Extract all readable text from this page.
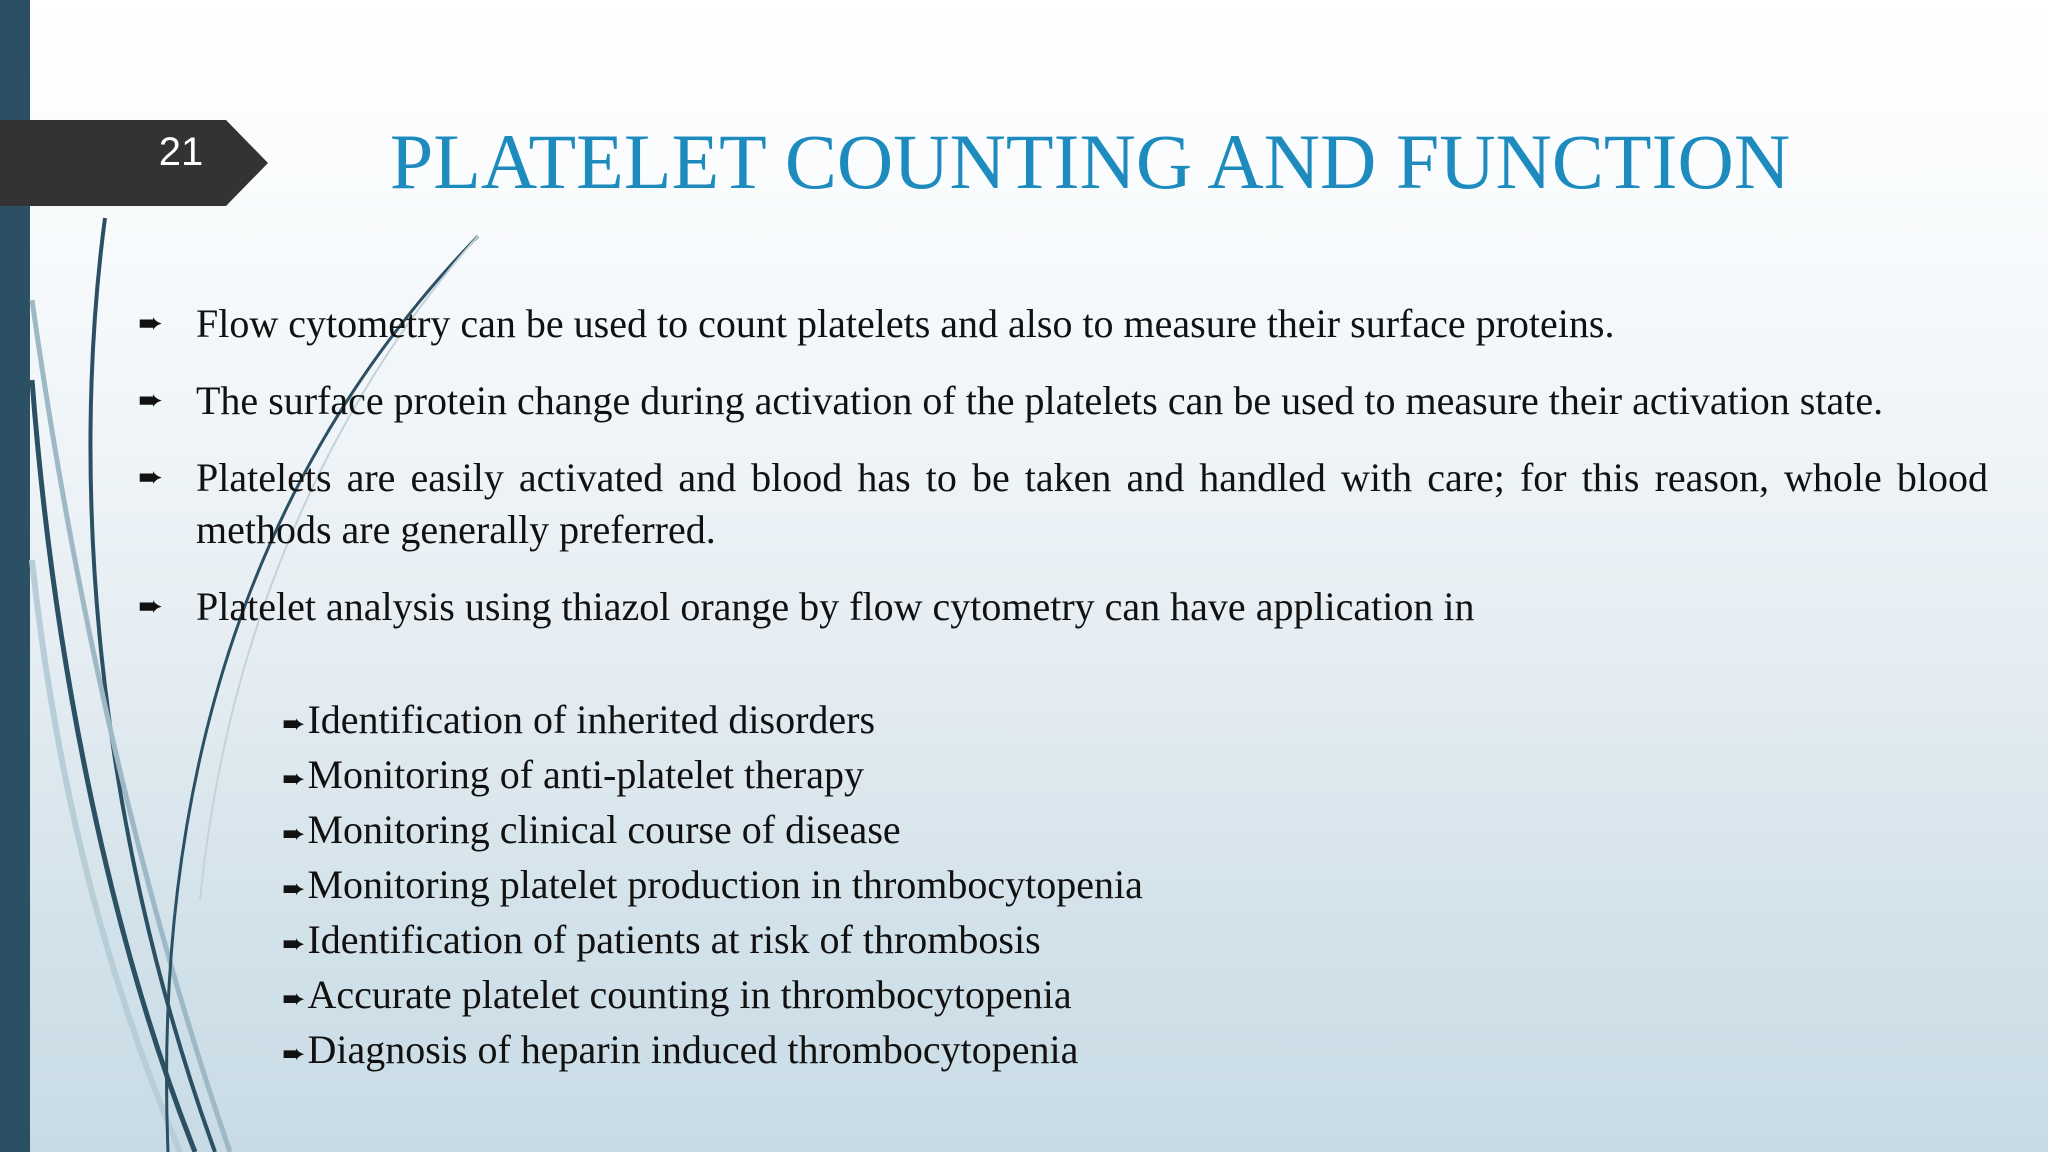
21	PLATELET COUNTING AND FUNCTION
➨ Flow cytometry can be used to count platelets and also to measure their surface proteins.
➨ The surface protein change during activation of the platelets can be used to measure their activation state.
➨ Platelets are easily activated and blood has to be taken and handled with care; for this reason, whole blood methods are generally preferred.
➨ Platelet analysis using thiazol orange by flow cytometry can have application in
➨Identification of inherited disorders
➨Monitoring of anti-platelet therapy
➨Monitoring clinical course of disease
➨Monitoring platelet production in thrombocytopenia
➨Identification of patients at risk of thrombosis
➨Accurate platelet counting in thrombocytopenia
➨Diagnosis of heparin induced thrombocytopenia
